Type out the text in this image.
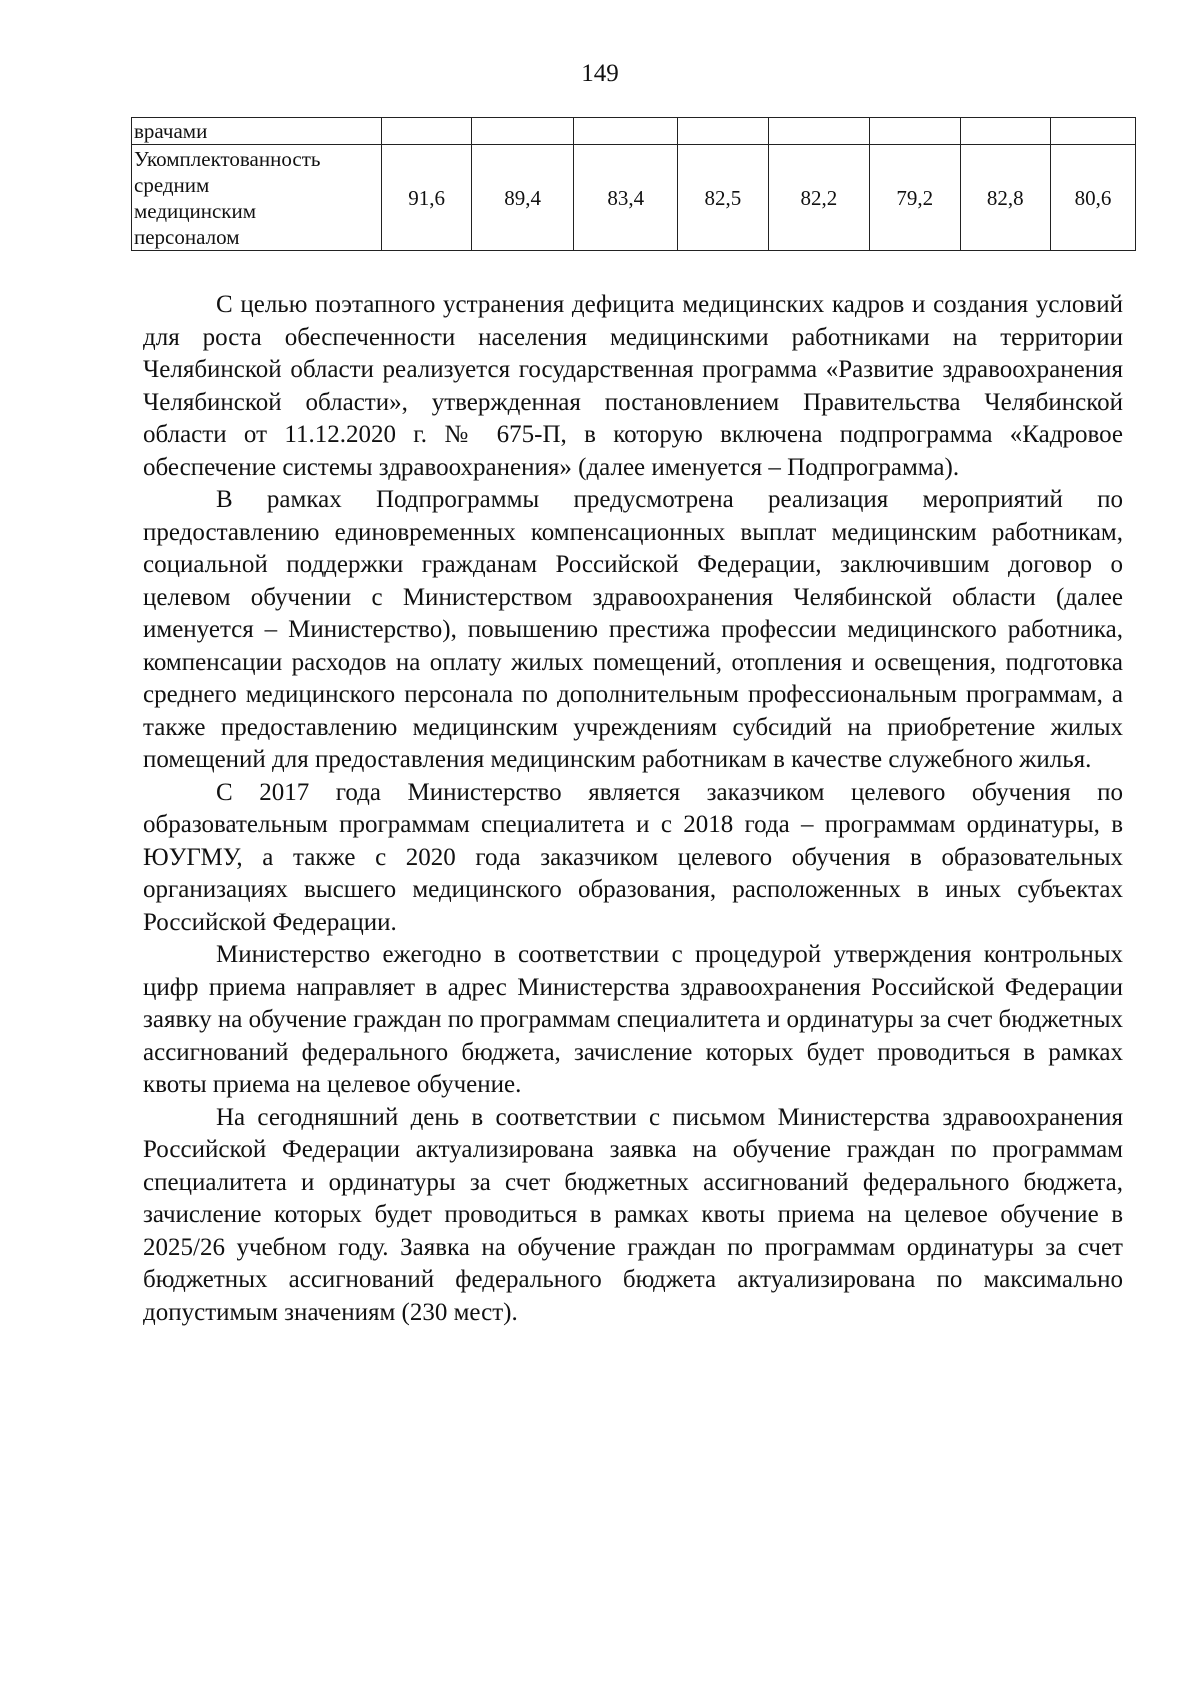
149
врачами								

Укомплектованность
средним
медицинским
персоналом	91,6	89,4	83,4	82,5	82,2	79,2	82,8	80,6

С целью поэтапного устранения дефицита медицинских кадров и создания условий для роста обеспеченности населения медицинскими работниками на территории Челябинской области реализуется государственная программа «Развитие здравоохранения Челябинской области», утвержденная постановлением Правительства Челябинской области от 11.12.2020 г. № 675-П, в которую включена подпрограмма «Кадровое обеспечение системы здравоохранения» (далее именуется – Подпрограмма).

В рамках Подпрограммы предусмотрена реализация мероприятий по предоставлению единовременных компенсационных выплат медицинским работникам, социальной поддержки гражданам Российской Федерации, заключившим договор о целевом обучении с Министерством здравоохранения Челябинской области (далее именуется – Министерство), повышению престижа профессии медицинского работника, компенсации расходов на оплату жилых помещений, отопления и освещения, подготовка среднего медицинского персонала по дополнительным профессиональным программам, а также предоставлению медицинским учреждениям субсидий на приобретение жилых помещений для предоставления медицинским работникам в качестве служебного жилья.

С 2017 года Министерство является заказчиком целевого обучения по образовательным программам специалитета и с 2018 года – программам ординатуры, в ЮУГМУ, а также с 2020 года заказчиком целевого обучения в образовательных организациях высшего медицинского образования, расположенных в иных субъектах Российской Федерации.

Министерство ежегодно в соответствии с процедурой утверждения контрольных цифр приема направляет в адрес Министерства здравоохранения Российской Федерации заявку на обучение граждан по программам специалитета и ординатуры за счет бюджетных ассигнований федерального бюджета, зачисление которых будет проводиться в рамках квоты приема на целевое обучение.

На сегодняшний день в соответствии с письмом Министерства здравоохранения Российской Федерации актуализирована заявка на обучение граждан по программам специалитета и ординатуры за счет бюджетных ассигнований федерального бюджета, зачисление которых будет проводиться в рамках квоты приема на целевое обучение в 2025/26 учебном году. Заявка на обучение граждан по программам ординатуры за счет бюджетных ассигнований федерального бюджета актуализирована по максимально допустимым значениям (230 мест).
